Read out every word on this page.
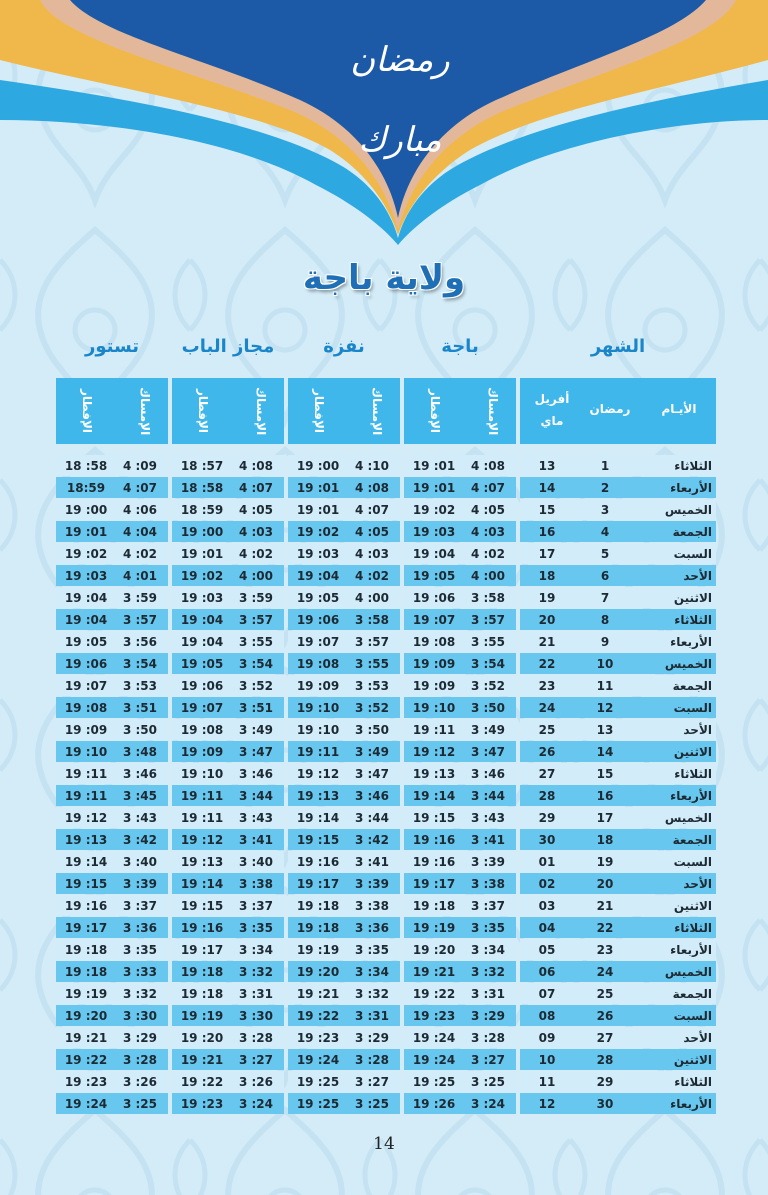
رمضان مبارك
ولاية باجة
الشهر
باجة
نفزة
مجاز الباب
تستور
الأيـام
رمضان
أفريل
ماي
الإمساك
الإفطار
الإمساك
الإفطار
الإمساك
الإفطار
الإمساك
الإفطار
الثلاثاء
1
13
4 :08
19 :01
4 :10
19 :00
4 :08
18 :57
4 :09
18 :58
الأربعاء
2
14
4 :07
19 :01
4 :08
19 :01
4 :07
18 :58
4 :07
18:59
الخميس
3
15
4 :05
19 :02
4 :07
19 :01
4 :05
18 :59
4 :06
19 :00
الجمعة
4
16
4 :03
19 :03
4 :05
19 :02
4 :03
19 :00
4 :04
19 :01
السبت
5
17
4 :02
19 :04
4 :03
19 :03
4 :02
19 :01
4 :02
19 :02
الأحد
6
18
4 :00
19 :05
4 :02
19 :04
4 :00
19 :02
4 :01
19 :03
الاثنين
7
19
3 :58
19 :06
4 :00
19 :05
3 :59
19 :03
3 :59
19 :04
الثلاثاء
8
20
3 :57
19 :07
3 :58
19 :06
3 :57
19 :04
3 :57
19 :04
الأربعاء
9
21
3 :55
19 :08
3 :57
19 :07
3 :55
19 :04
3 :56
19 :05
الخميس
10
22
3 :54
19 :09
3 :55
19 :08
3 :54
19 :05
3 :54
19 :06
الجمعة
11
23
3 :52
19 :09
3 :53
19 :09
3 :52
19 :06
3 :53
19 :07
السبت
12
24
3 :50
19 :10
3 :52
19 :10
3 :51
19 :07
3 :51
19 :08
الأحد
13
25
3 :49
19 :11
3 :50
19 :10
3 :49
19 :08
3 :50
19 :09
الاثنين
14
26
3 :47
19 :12
3 :49
19 :11
3 :47
19 :09
3 :48
19 :10
الثلاثاء
15
27
3 :46
19 :13
3 :47
19 :12
3 :46
19 :10
3 :46
19 :11
الأربعاء
16
28
3 :44
19 :14
3 :46
19 :13
3 :44
19 :11
3 :45
19 :11
الخميس
17
29
3 :43
19 :15
3 :44
19 :14
3 :43
19 :11
3 :43
19 :12
الجمعة
18
30
3 :41
19 :16
3 :42
19 :15
3 :41
19 :12
3 :42
19 :13
السبت
19
01
3 :39
19 :16
3 :41
19 :16
3 :40
19 :13
3 :40
19 :14
الأحد
20
02
3 :38
19 :17
3 :39
19 :17
3 :38
19 :14
3 :39
19 :15
الاثنين
21
03
3 :37
19 :18
3 :38
19 :18
3 :37
19 :15
3 :37
19 :16
الثلاثاء
22
04
3 :35
19 :19
3 :36
19 :18
3 :35
19 :16
3 :36
19 :17
الأربعاء
23
05
3 :34
19 :20
3 :35
19 :19
3 :34
19 :17
3 :35
19 :18
الخميس
24
06
3 :32
19 :21
3 :34
19 :20
3 :32
19 :18
3 :33
19 :18
الجمعة
25
07
3 :31
19 :22
3 :32
19 :21
3 :31
19 :18
3 :32
19 :19
السبت
26
08
3 :29
19 :23
3 :31
19 :22
3 :30
19 :19
3 :30
19 :20
الأحد
27
09
3 :28
19 :24
3 :29
19 :23
3 :28
19 :20
3 :29
19 :21
الاثنين
28
10
3 :27
19 :24
3 :28
19 :24
3 :27
19 :21
3 :28
19 :22
الثلاثاء
29
11
3 :25
19 :25
3 :27
19 :25
3 :26
19 :22
3 :26
19 :23
الأربعاء
30
12
3 :24
19 :26
3 :25
19 :25
3 :24
19 :23
3 :25
19 :24
14
